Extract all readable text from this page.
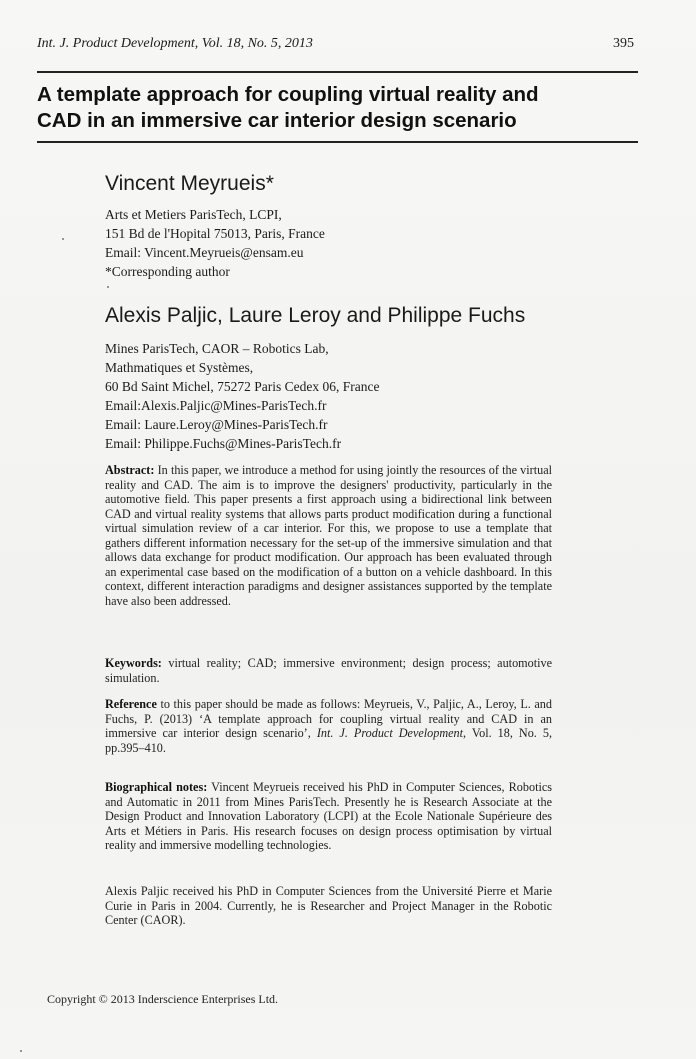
Int. J. Product Development, Vol. 18, No. 5, 2013	395
A template approach for coupling virtual reality and
CAD in an immersive car interior design scenario
Vincent Meyrueis*
Arts et Metiers ParisTech, LCPI,
151 Bd de l'Hopital 75013, Paris, France
Email: Vincent.Meyrueis@ensam.eu
*Corresponding author
Alexis Paljic, Laure Leroy and Philippe Fuchs
Mines ParisTech, CAOR – Robotics Lab,
Mathmatiques et Systèmes,
60 Bd Saint Michel, 75272 Paris Cedex 06, France
Email:Alexis.Paljic@Mines-ParisTech.fr
Email: Laure.Leroy@Mines-ParisTech.fr
Email: Philippe.Fuchs@Mines-ParisTech.fr
Abstract: In this paper, we introduce a method for using jointly the resources of the virtual reality and CAD. The aim is to improve the designers' productivity, particularly in the automotive field. This paper presents a first approach using a bidirectional link between CAD and virtual reality systems that allows parts product modification during a functional virtual simulation review of a car interior. For this, we propose to use a template that gathers different information necessary for the set-up of the immersive simulation and that allows data exchange for product modification. Our approach has been evaluated through an experimental case based on the modification of a button on a vehicle dashboard. In this context, different interaction paradigms and designer assistances supported by the template have also been addressed.
Keywords: virtual reality; CAD; immersive environment; design process; automotive simulation.
Reference to this paper should be made as follows: Meyrueis, V., Paljic, A., Leroy, L. and Fuchs, P. (2013) ‘A template approach for coupling virtual reality and CAD in an immersive car interior design scenario’, Int. J. Product Development, Vol. 18, No. 5, pp.395–410.
Biographical notes: Vincent Meyrueis received his PhD in Computer Sciences, Robotics and Automatic in 2011 from Mines ParisTech. Presently he is Research Associate at the Design Product and Innovation Laboratory (LCPI) at the Ecole Nationale Supérieure des Arts et Métiers in Paris. His research focuses on design process optimisation by virtual reality and immersive modelling technologies.
Alexis Paljic received his PhD in Computer Sciences from the Université Pierre et Marie Curie in Paris in 2004. Currently, he is Researcher and Project Manager in the Robotic Center (CAOR).
Copyright © 2013 Inderscience Enterprises Ltd.
